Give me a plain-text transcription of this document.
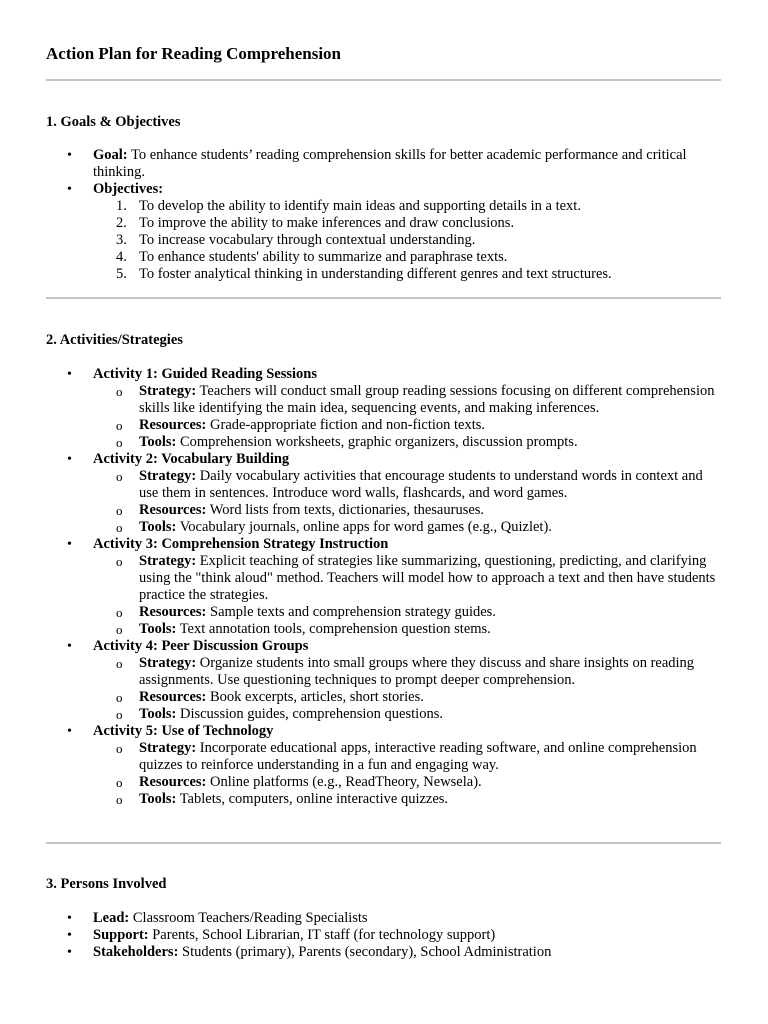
Action Plan for Reading Comprehension
1. Goals & Objectives
• Goal: To enhance students’ reading comprehension skills for better academic performance and critical thinking.
• Objectives:
1. To develop the ability to identify main ideas and supporting details in a text.
2. To improve the ability to make inferences and draw conclusions.
3. To increase vocabulary through contextual understanding.
4. To enhance students' ability to summarize and paraphrase texts.
5. To foster analytical thinking in understanding different genres and text structures.
2. Activities/Strategies
• Activity 1: Guided Reading Sessions
o Strategy: Teachers will conduct small group reading sessions focusing on different comprehension skills like identifying the main idea, sequencing events, and making inferences.
o Resources: Grade-appropriate fiction and non-fiction texts.
o Tools: Comprehension worksheets, graphic organizers, discussion prompts.
• Activity 2: Vocabulary Building
o Strategy: Daily vocabulary activities that encourage students to understand words in context and use them in sentences. Introduce word walls, flashcards, and word games.
o Resources: Word lists from texts, dictionaries, thesauruses.
o Tools: Vocabulary journals, online apps for word games (e.g., Quizlet).
• Activity 3: Comprehension Strategy Instruction
o Strategy: Explicit teaching of strategies like summarizing, questioning, predicting, and clarifying using the "think aloud" method. Teachers will model how to approach a text and then have students practice the strategies.
o Resources: Sample texts and comprehension strategy guides.
o Tools: Text annotation tools, comprehension question stems.
• Activity 4: Peer Discussion Groups
o Strategy: Organize students into small groups where they discuss and share insights on reading assignments. Use questioning techniques to prompt deeper comprehension.
o Resources: Book excerpts, articles, short stories.
o Tools: Discussion guides, comprehension questions.
• Activity 5: Use of Technology
o Strategy: Incorporate educational apps, interactive reading software, and online comprehension quizzes to reinforce understanding in a fun and engaging way.
o Resources: Online platforms (e.g., ReadTheory, Newsela).
o Tools: Tablets, computers, online interactive quizzes.
3. Persons Involved
• Lead: Classroom Teachers/Reading Specialists
• Support: Parents, School Librarian, IT staff (for technology support)
• Stakeholders: Students (primary), Parents (secondary), School Administration
